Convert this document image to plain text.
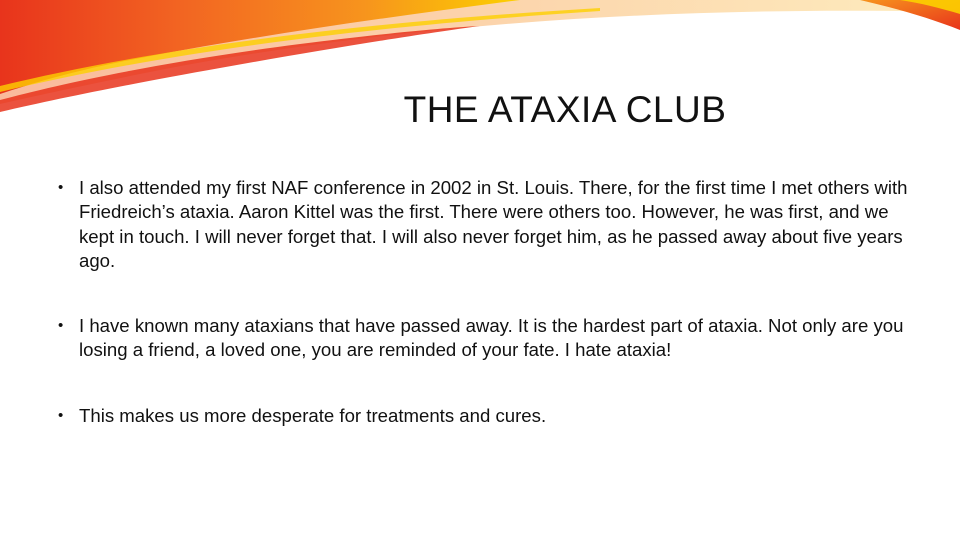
THE ATAXIA CLUB
• I also attended my first NAF conference in 2002 in St. Louis. There, for the first time I met others with Friedreich’s ataxia. Aaron Kittel was the first. There were others too. However, he was first, and we kept in touch. I will never forget that. I will also never forget him, as he passed away about five years ago.
• I have known many ataxians that have passed away. It is the hardest part of ataxia. Not only are you losing a friend, a loved one, you are reminded of your fate. I hate ataxia!
• This makes us more desperate for treatments and cures.
